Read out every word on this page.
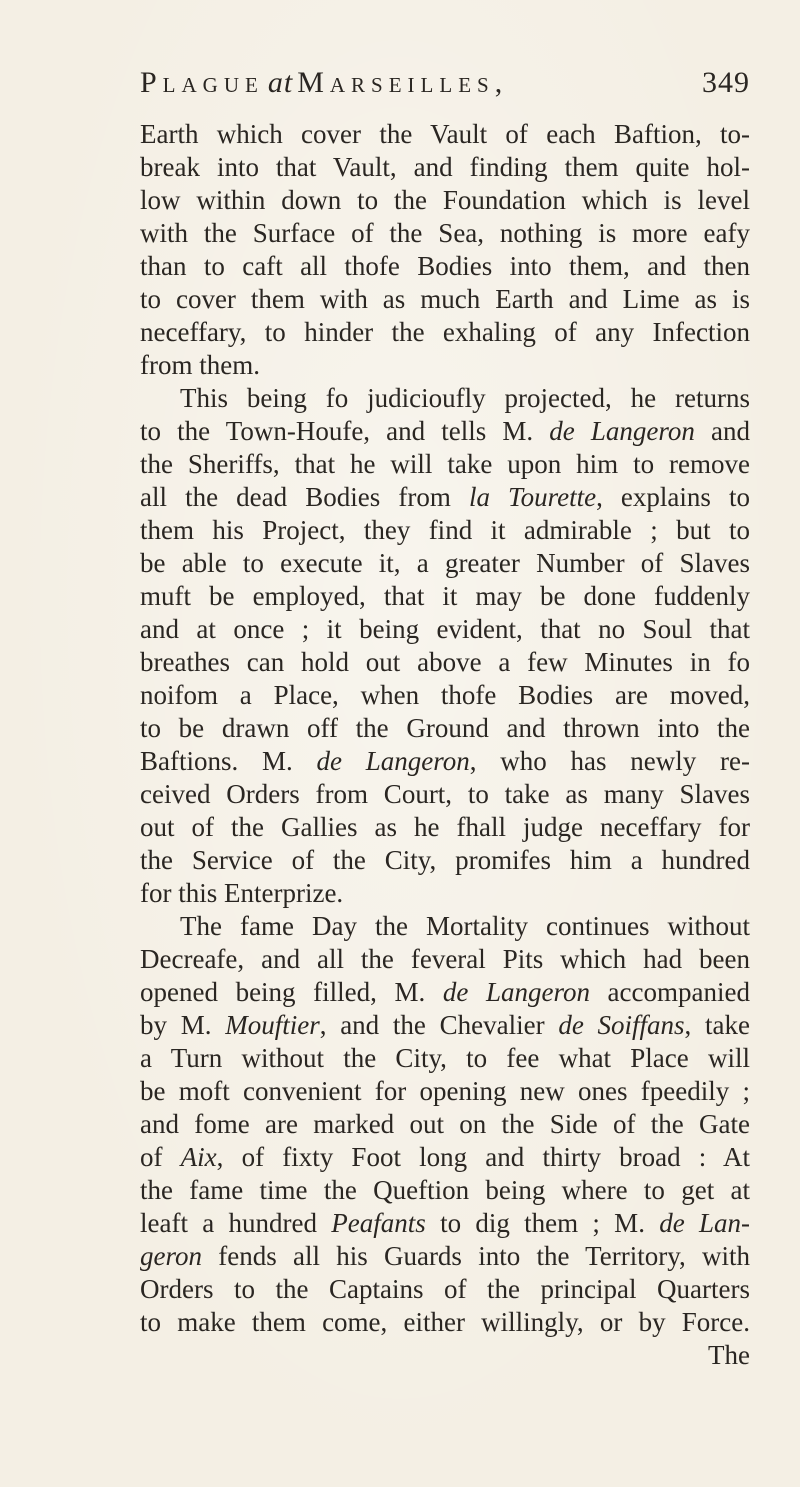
Plague at Marseilles,	349
Earth which cover the Vault of each Baftion, to-
break into that Vault, and finding them quite hol-
low within down to the Foundation which is level
with the Surface of the Sea, nothing is more eafy
than to caft all thofe Bodies into them, and then
to cover them with as much Earth and Lime as is
neceffary, to hinder the exhaling of any Infection
from them.
This being fo judicioufly projected, he returns
to the Town-Houfe, and tells M. de Langeron and
the Sheriffs, that he will take upon him to remove
all the dead Bodies from la Tourette, explains to
them his Project, they find it admirable ; but to
be able to execute it, a greater Number of Slaves
muft be employed, that it may be done fuddenly
and at once ; it being evident, that no Soul that
breathes can hold out above a few Minutes in fo
noifom a Place, when thofe Bodies are moved,
to be drawn off the Ground and thrown into the
Baftions. M. de Langeron, who has newly re-
ceived Orders from Court, to take as many Slaves
out of the Gallies as he fhall judge neceffary for
the Service of the City, promifes him a hundred
for this Enterprize.
The fame Day the Mortality continues without
Decreafe, and all the feveral Pits which had been
opened being filled, M. de Langeron accompanied
by M. Mouftier, and the Chevalier de Soiffans, take
a Turn without the City, to fee what Place will
be moft convenient for opening new ones fpeedily ;
and fome are marked out on the Side of the Gate
of Aix, of fixty Foot long and thirty broad : At
the fame time the Queftion being where to get at
leaft a hundred Peafants to dig them ; M. de Lan-
geron fends all his Guards into the Territory, with
Orders to the Captains of the principal Quarters
to make them come, either willingly, or by Force.
The
